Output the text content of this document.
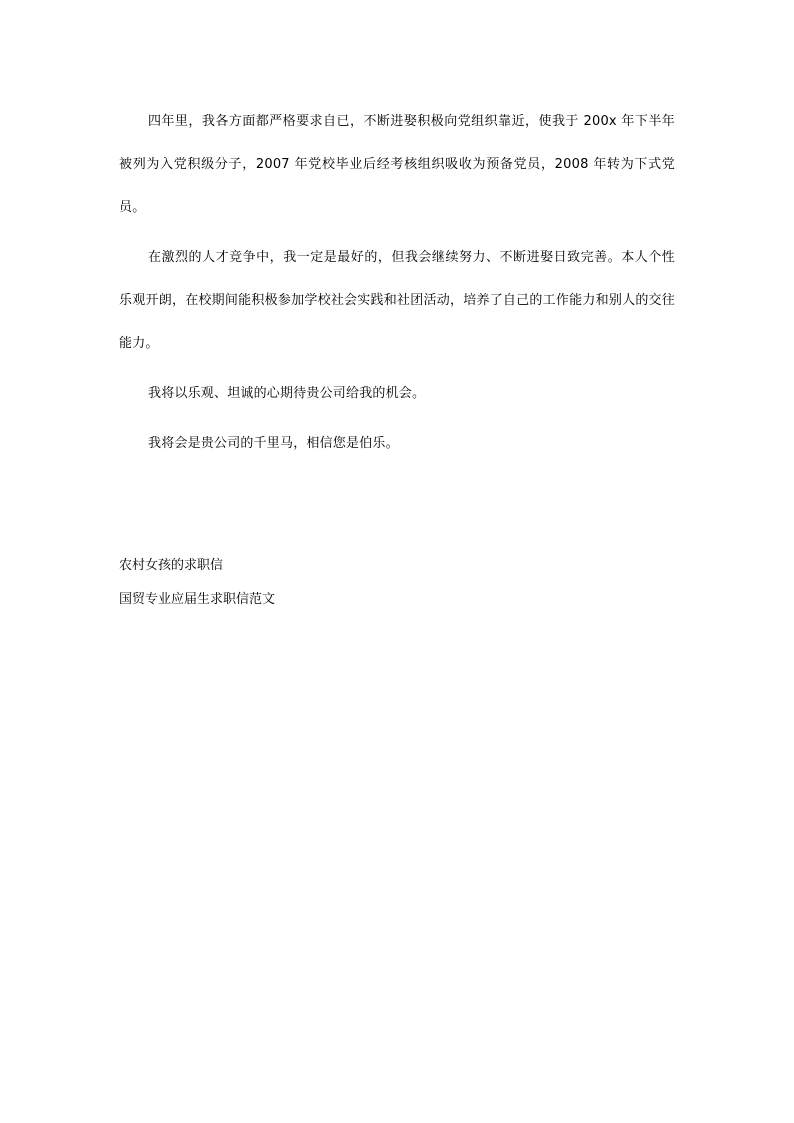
四年里，我各方面都严格要求自已，不断进娶积极向党组织靠近，使我于 200x 年下半年被列为入党积级分子，2007 年党校毕业后经考核组织吸收为预备党员，2008 年转为下式党员。

在激烈的人才竞争中，我一定是最好的，但我会继续努力、不断进娶日致完善。本人个性乐观开朗，在校期间能积极参加学校社会实践和社团活动，培养了自己的工作能力和别人的交往能力。

我将以乐观、坦诚的心期待贵公司给我的机会。

我将会是贵公司的千里马，相信您是伯乐。

农村女孩的求职信
国贸专业应届生求职信范文
